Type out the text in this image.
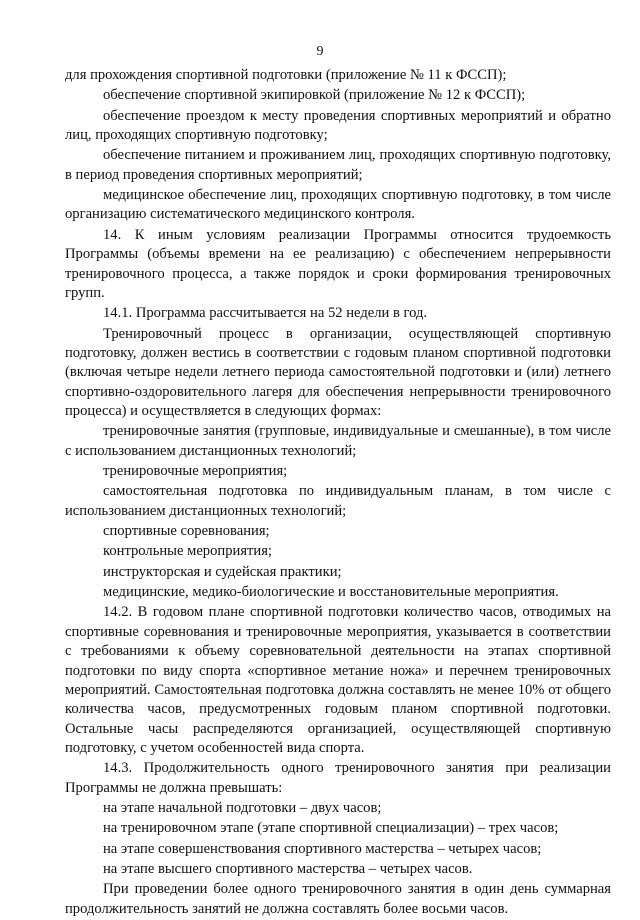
9

для прохождения спортивной подготовки (приложение № 11 к ФССП);

обеспечение спортивной экипировкой (приложение № 12 к ФССП);

обеспечение проездом к месту проведения спортивных мероприятий и обратно лиц, проходящих спортивную подготовку;

обеспечение питанием и проживанием лиц, проходящих спортивную подготовку, в период проведения спортивных мероприятий;

медицинское обеспечение лиц, проходящих спортивную подготовку, в том числе организацию систематического медицинского контроля.

14. К иным условиям реализации Программы относится трудоемкость Программы (объемы времени на ее реализацию) с обеспечением непрерывности тренировочного процесса, а также порядок и сроки формирования тренировочных групп.

14.1. Программа рассчитывается на 52 недели в год.

Тренировочный процесс в организации, осуществляющей спортивную подготовку, должен вестись в соответствии с годовым планом спортивной подготовки (включая четыре недели летнего периода самостоятельной подготовки и (или) летнего спортивно-оздоровительного лагеря для обеспечения непрерывности тренировочного процесса) и осуществляется в следующих формах:

тренировочные занятия (групповые, индивидуальные и смешанные), в том числе с использованием дистанционных технологий;

тренировочные мероприятия;

самостоятельная подготовка по индивидуальным планам, в том числе с использованием дистанционных технологий;

спортивные соревнования;

контрольные мероприятия;

инструкторская и судейская практики;

медицинские, медико-биологические и восстановительные мероприятия.

14.2. В годовом плане спортивной подготовки количество часов, отводимых на спортивные соревнования и тренировочные мероприятия, указывается в соответствии с требованиями к объему соревновательной деятельности на этапах спортивной подготовки по виду спорта «спортивное метание ножа» и перечнем тренировочных мероприятий. Самостоятельная подготовка должна составлять не менее 10% от общего количества часов, предусмотренных годовым планом спортивной подготовки. Остальные часы распределяются организацией, осуществляющей спортивную подготовку, с учетом особенностей вида спорта.

14.3. Продолжительность одного тренировочного занятия при реализации Программы не должна превышать:

на этапе начальной подготовки – двух часов;

на тренировочном этапе (этапе спортивной специализации) – трех часов;

на этапе совершенствования спортивного мастерства – четырех часов;

на этапе высшего спортивного мастерства – четырех часов.

При проведении более одного тренировочного занятия в один день суммарная продолжительность занятий не должна составлять более восьми часов.
